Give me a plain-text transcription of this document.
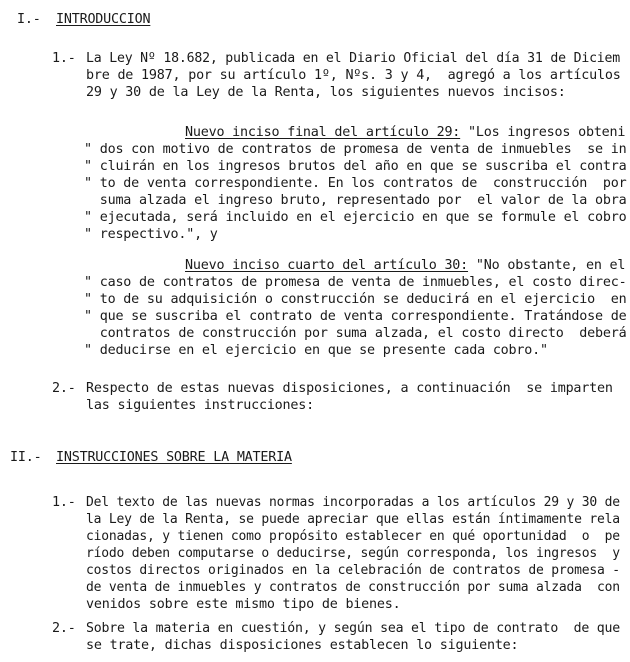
I.- INTRODUCCION
1.- La Ley Nº 18.682, publicada en el Diario Oficial del día 31 de Diciem
bre de 1987, por su artículo 1º, Nºs. 3 y 4,  agregó a los artículos
29 y 30 de la Ley de la Renta, los siguientes nuevos incisos:
Nuevo inciso final del artículo 29: "Los ingresos obteni
" dos con motivo de contratos de promesa de venta de inmuebles  se in
" cluirán en los ingresos brutos del año en que se suscriba el contra
" to de venta correspondiente. En los contratos de  construcción  por
suma alzada el ingreso bruto, representado por  el valor de la obra
" ejecutada, será incluido en el ejercicio en que se formule el cobro
" respectivo.", y
Nuevo inciso cuarto del artículo 30: "No obstante, en el
" caso de contratos de promesa de venta de inmuebles, el costo direc-
" to de su adquisición o construcción se deducirá en el ejercicio  en
" que se suscriba el contrato de venta correspondiente. Tratándose de
contratos de construcción por suma alzada, el costo directo  deberá
" deducirse en el ejercicio en que se presente cada cobro."
2.- Respecto de estas nuevas disposiciones, a continuación  se imparten
las siguientes instrucciones:
II.- INSTRUCCIONES SOBRE LA MATERIA
1.- Del texto de las nuevas normas incorporadas a los artículos 29 y 30 de
la Ley de la Renta, se puede apreciar que ellas están íntimamente rela
cionadas, y tienen como propósito establecer en qué oportunidad  o  pe
ríodo deben computarse o deducirse, según corresponda, los ingresos  y
costos directos originados en la celebración de contratos de promesa -
de venta de inmuebles y contratos de construcción por suma alzada  con
venidos sobre este mismo tipo de bienes.
2.- Sobre la materia en cuestión, y según sea el tipo de contrato  de que
se trate, dichas disposiciones establecen lo siguiente:
